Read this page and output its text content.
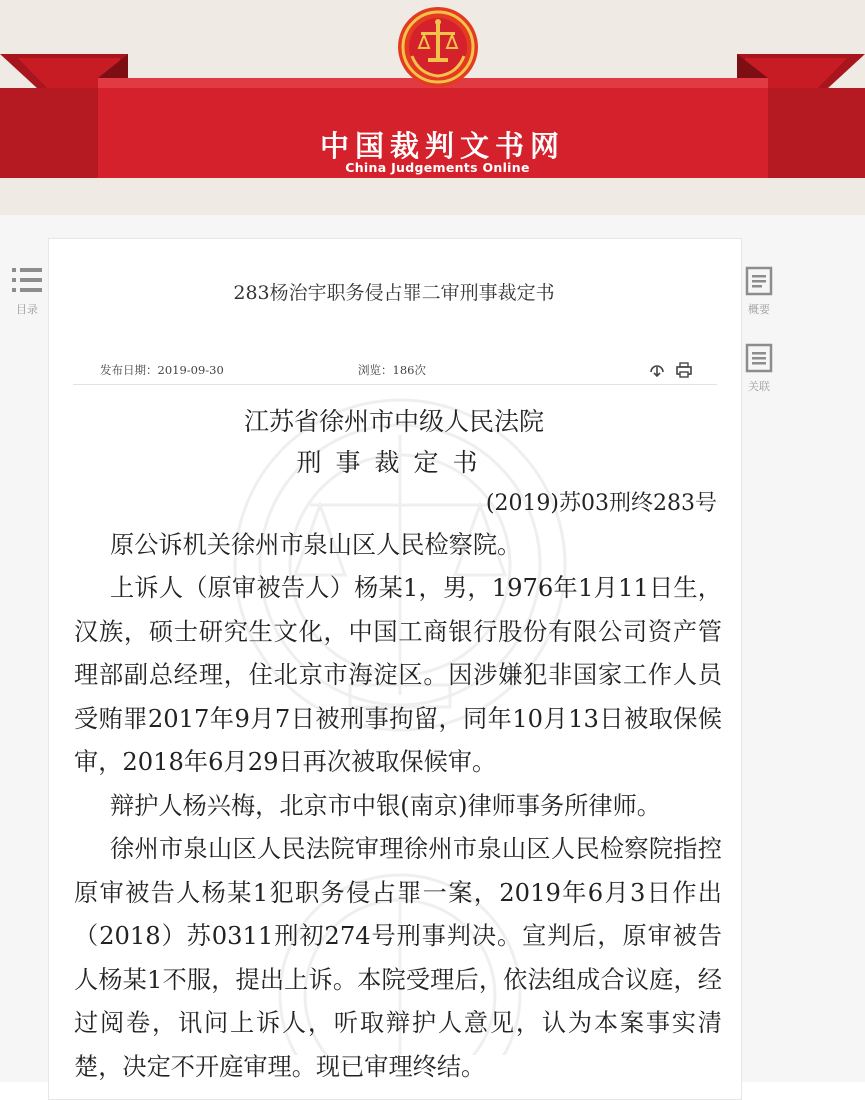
中国裁判文书网
China Judgements Online
目录	概要
关联
283杨治宇职务侵占罪二审刑事裁定书
发布日期：2019-09-30	浏览：186次

江苏省徐州市中级人民法院
刑事裁定书
(2019)苏03刑终283号
原公诉机关徐州市泉山区人民检察院。
上诉人（原审被告人）杨某1，男，1976年1月11日生，汉族，硕士研究生文化，中国工商银行股份有限公司资产管理部副总经理，住北京市海淀区。因涉嫌犯非国家工作人员受贿罪2017年9月7日被刑事拘留，同年10月13日被取保候审，2018年6月29日再次被取保候审。
辩护人杨兴梅，北京市中银(南京)律师事务所律师。
徐州市泉山区人民法院审理徐州市泉山区人民检察院指控原审被告人杨某1犯职务侵占罪一案，2019年6月3日作出（2018）苏0311刑初274号刑事判决。宣判后，原审被告人杨某1不服，提出上诉。本院受理后，依法组成合议庭，经过阅卷，讯问上诉人，听取辩护人意见，认为本案事实清楚，决定不开庭审理。现已审理终结。
